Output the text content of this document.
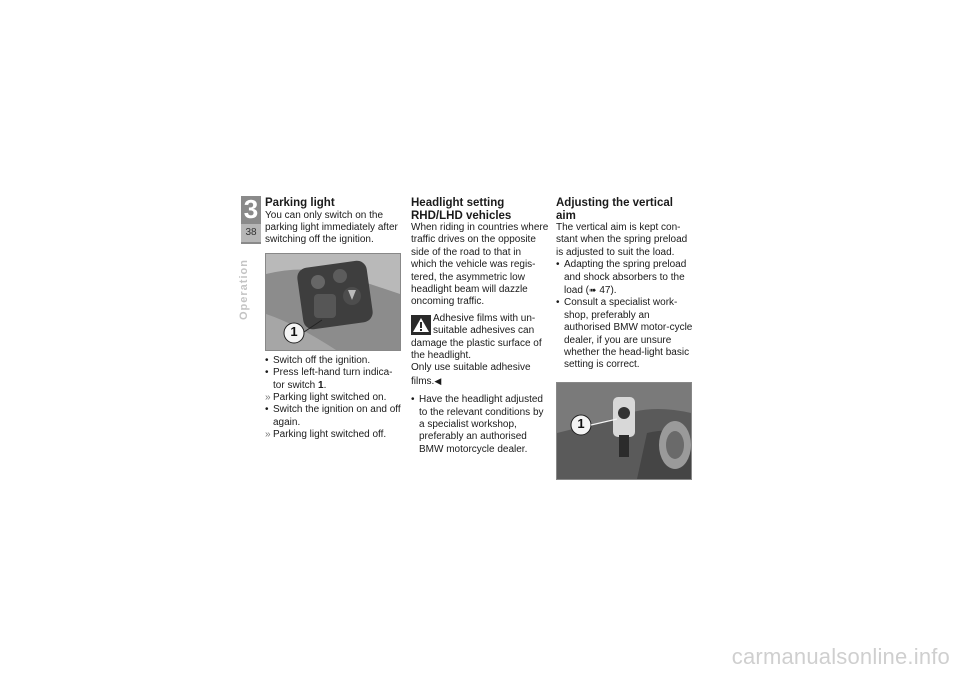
3
38
Operation
Parking light

You can only switch on the parking light immediately after switching off the ignition.

1
• Switch off the ignition.
• Press left-hand turn indica-tor switch 1.
» Parking light switched on.
• Switch the ignition on and off again.
» Parking light switched off.
Headlight setting RHD/LHD vehicles

When riding in countries where traffic drives on the opposite side of the road to that in which the vehicle was regis-tered, the asymmetric low headlight beam will dazzle oncoming traffic.

Adhesive films with un-
suitable adhesives can
damage the plastic surface of the headlight.
Only use suitable adhesive films.◀
• Have the headlight adjusted to the relevant conditions by a specialist workshop, preferably an authorised BMW motorcycle dealer.
Adjusting the vertical aim

The vertical aim is kept con-stant when the spring preload is adjusted to suit the load.

• Adapting the spring preload and shock absorbers to the load (➠ 47).
• Consult a specialist work-shop, preferably an authorised BMW motor-cycle dealer, if you are unsure whether the head-light basic setting is correct.
1
carmanualsonline.info
